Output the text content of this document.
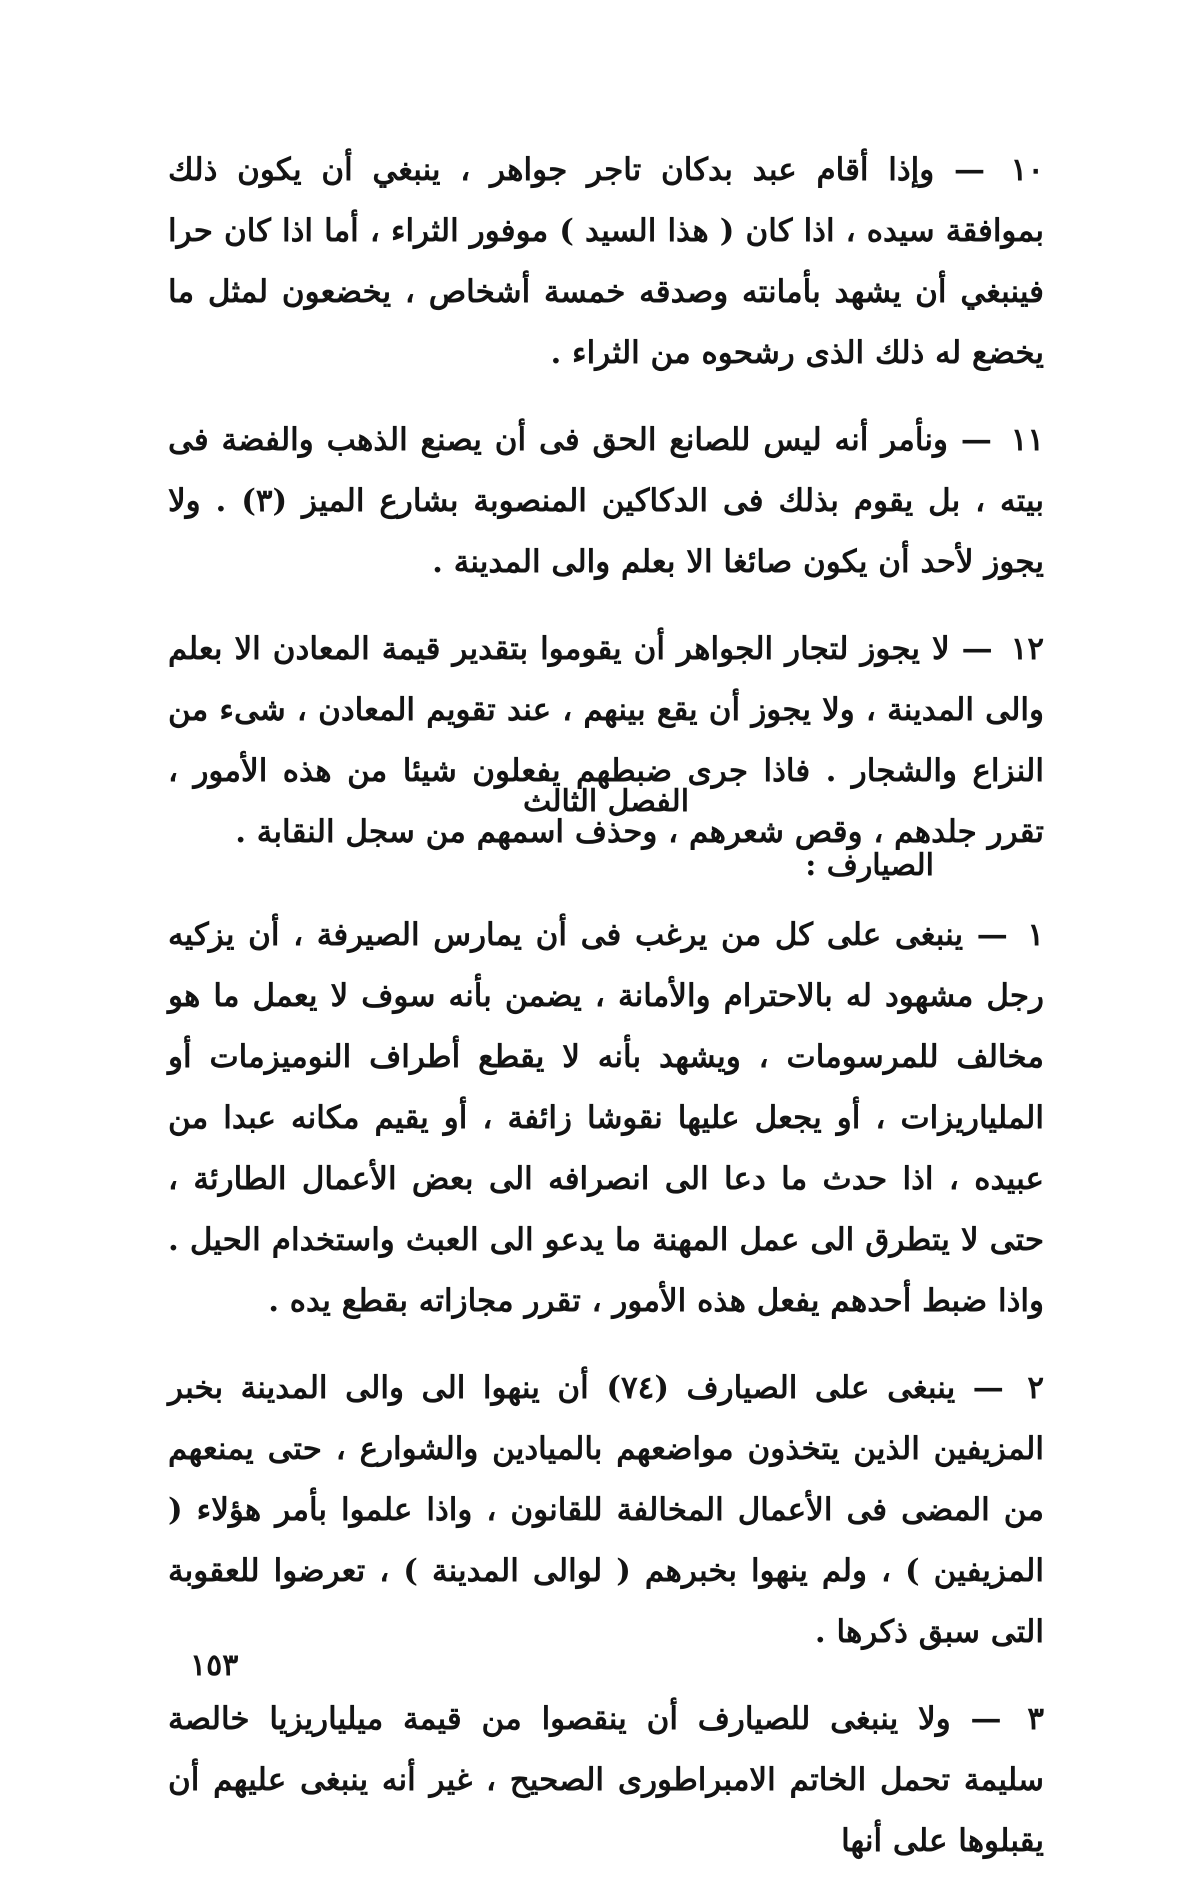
١٠ — وإذا أقام عبد بدكان تاجر جواهر ، ينبغي أن يكون ذلك بموافقة سيده ، اذا كان ( هذا السيد ) موفور الثراء ، أما اذا كان حرا فينبغي أن يشهد بأمانته وصدقه خمسة أشخاص ، يخضعون لمثل ما يخضع له ذلك الذى رشحوه من الثراء .

١١ — ونأمر أنه ليس للصانع الحق فى أن يصنع الذهب والفضة فى بيته ، بل يقوم بذلك فى الدكاكين المنصوبة بشارع الميز (٣) . ولا يجوز لأحد أن يكون صائغا الا بعلم والى المدينة .

١٢ — لا يجوز لتجار الجواهر أن يقوموا بتقدير قيمة المعادن الا بعلم والى المدينة ، ولا يجوز أن يقع بينهم ، عند تقويم المعادن ، شىء من النزاع والشجار . فاذا جرى ضبطهم يفعلون شيئا من هذه الأمور ، تقرر جلدهم ، وقص شعرهم ، وحذف اسمهم من سجل النقابة .

الفصل الثالث
الصيارف :

١ — ينبغى على كل من يرغب فى أن يمارس الصيرفة ، أن يزكيه رجل مشهود له بالاحترام والأمانة ، يضمن بأنه سوف لا يعمل ما هو مخالف للمرسومات ، ويشهد بأنه لا يقطع أطراف النوميزمات أو الملياريزات ، أو يجعل عليها نقوشا زائفة ، أو يقيم مكانه عبدا من عبيده ، اذا حدث ما دعا الى انصرافه الى بعض الأعمال الطارئة ، حتى لا يتطرق الى عمل المهنة ما يدعو الى العبث واستخدام الحيل . واذا ضبط أحدهم يفعل هذه الأمور ، تقرر مجازاته بقطع يده .

٢ — ينبغى على الصيارف (٧٤) أن ينهوا الى والى المدينة بخبر المزيفين الذين يتخذون مواضعهم بالميادين والشوارع ، حتى يمنعهم من المضى فى الأعمال المخالفة للقانون ، واذا علموا بأمر هؤلاء ( المزيفين ) ، ولم ينهوا بخبرهم ( لوالى المدينة ) ، تعرضوا للعقوبة التى سبق ذكرها .

٣ — ولا ينبغى للصيارف أن ينقصوا من قيمة ميلياريزيا خالصة سليمة تحمل الخاتم الامبراطورى الصحيح ، غير أنه ينبغى عليهم أن يقبلوها على أنها

١٥٣
